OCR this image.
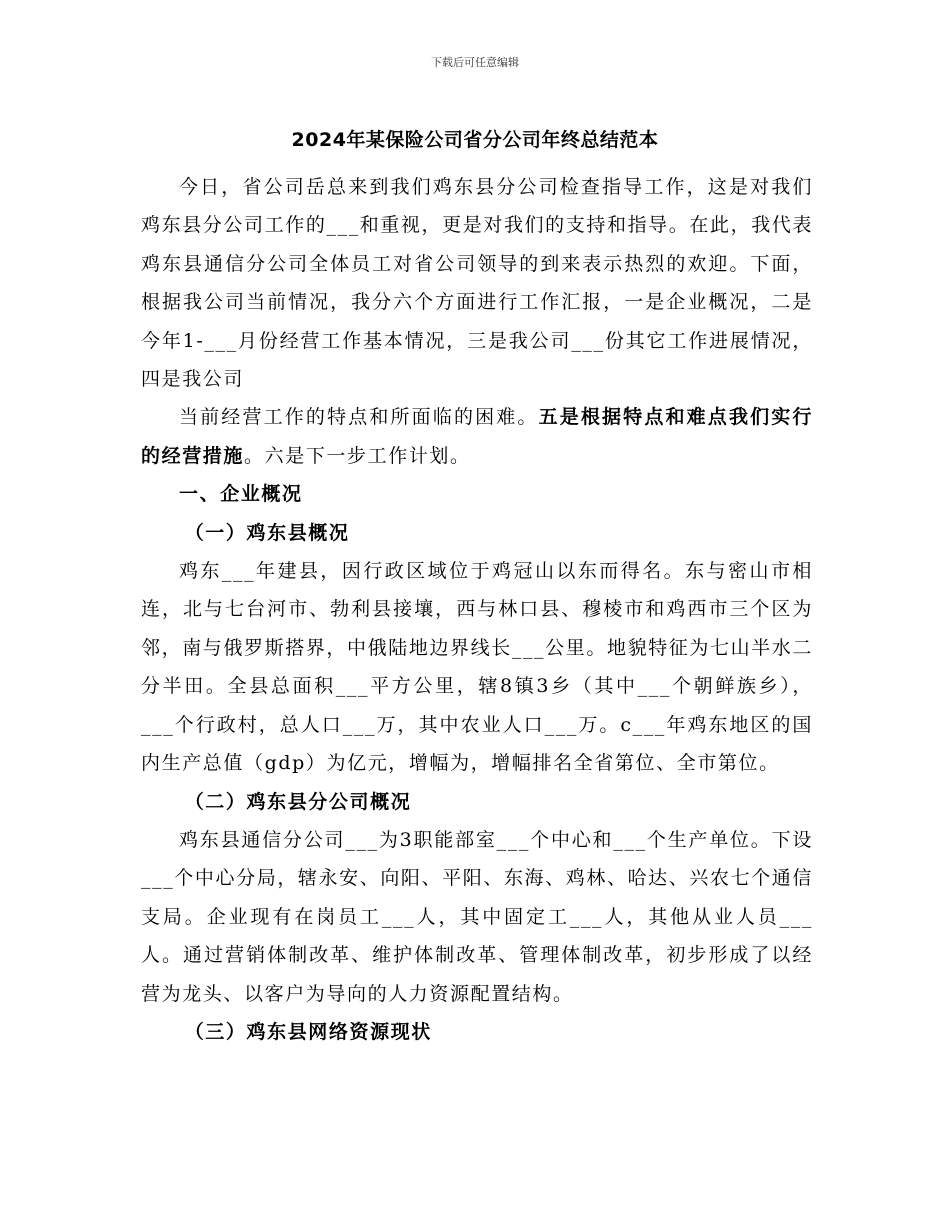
下载后可任意编辑
2024年某保险公司省分公司年终总结范本

今日，省公司岳总来到我们鸡东县分公司检查指导工作，这是对我们鸡东县分公司工作的___和重视，更是对我们的支持和指导。在此，我代表鸡东县通信分公司全体员工对省公司领导的到来表示热烈的欢迎。下面，根据我公司当前情况，我分六个方面进行工作汇报，一是企业概况，二是今年1-___月份经营工作基本情况，三是我公司___份其它工作进展情况，四是我公司

当前经营工作的特点和所面临的困难。五是根据特点和难点我们实行的经营措施。六是下一步工作计划。

一、企业概况

（一）鸡东县概况

鸡东___年建县，因行政区域位于鸡冠山以东而得名。东与密山市相连，北与七台河市、勃利县接壤，西与林口县、穆棱市和鸡西市三个区为邻，南与俄罗斯搭界，中俄陆地边界线长___公里。地貌特征为七山半水二分半田。全县总面积___平方公里，辖8镇3乡（其中___个朝鲜族乡），___个行政村，总人口___万，其中农业人口___万。c___年鸡东地区的国内生产总值（gdp）为亿元，增幅为，增幅排名全省第位、全市第位。

（二）鸡东县分公司概况

鸡东县通信分公司___为3职能部室___个中心和___个生产单位。下设___个中心分局，辖永安、向阳、平阳、东海、鸡林、哈达、兴农七个通信支局。企业现有在岗员工___人，其中固定工___人，其他从业人员___人。通过营销体制改革、维护体制改革、管理体制改革，初步形成了以经营为龙头、以客户为导向的人力资源配置结构。

（三）鸡东县网络资源现状
